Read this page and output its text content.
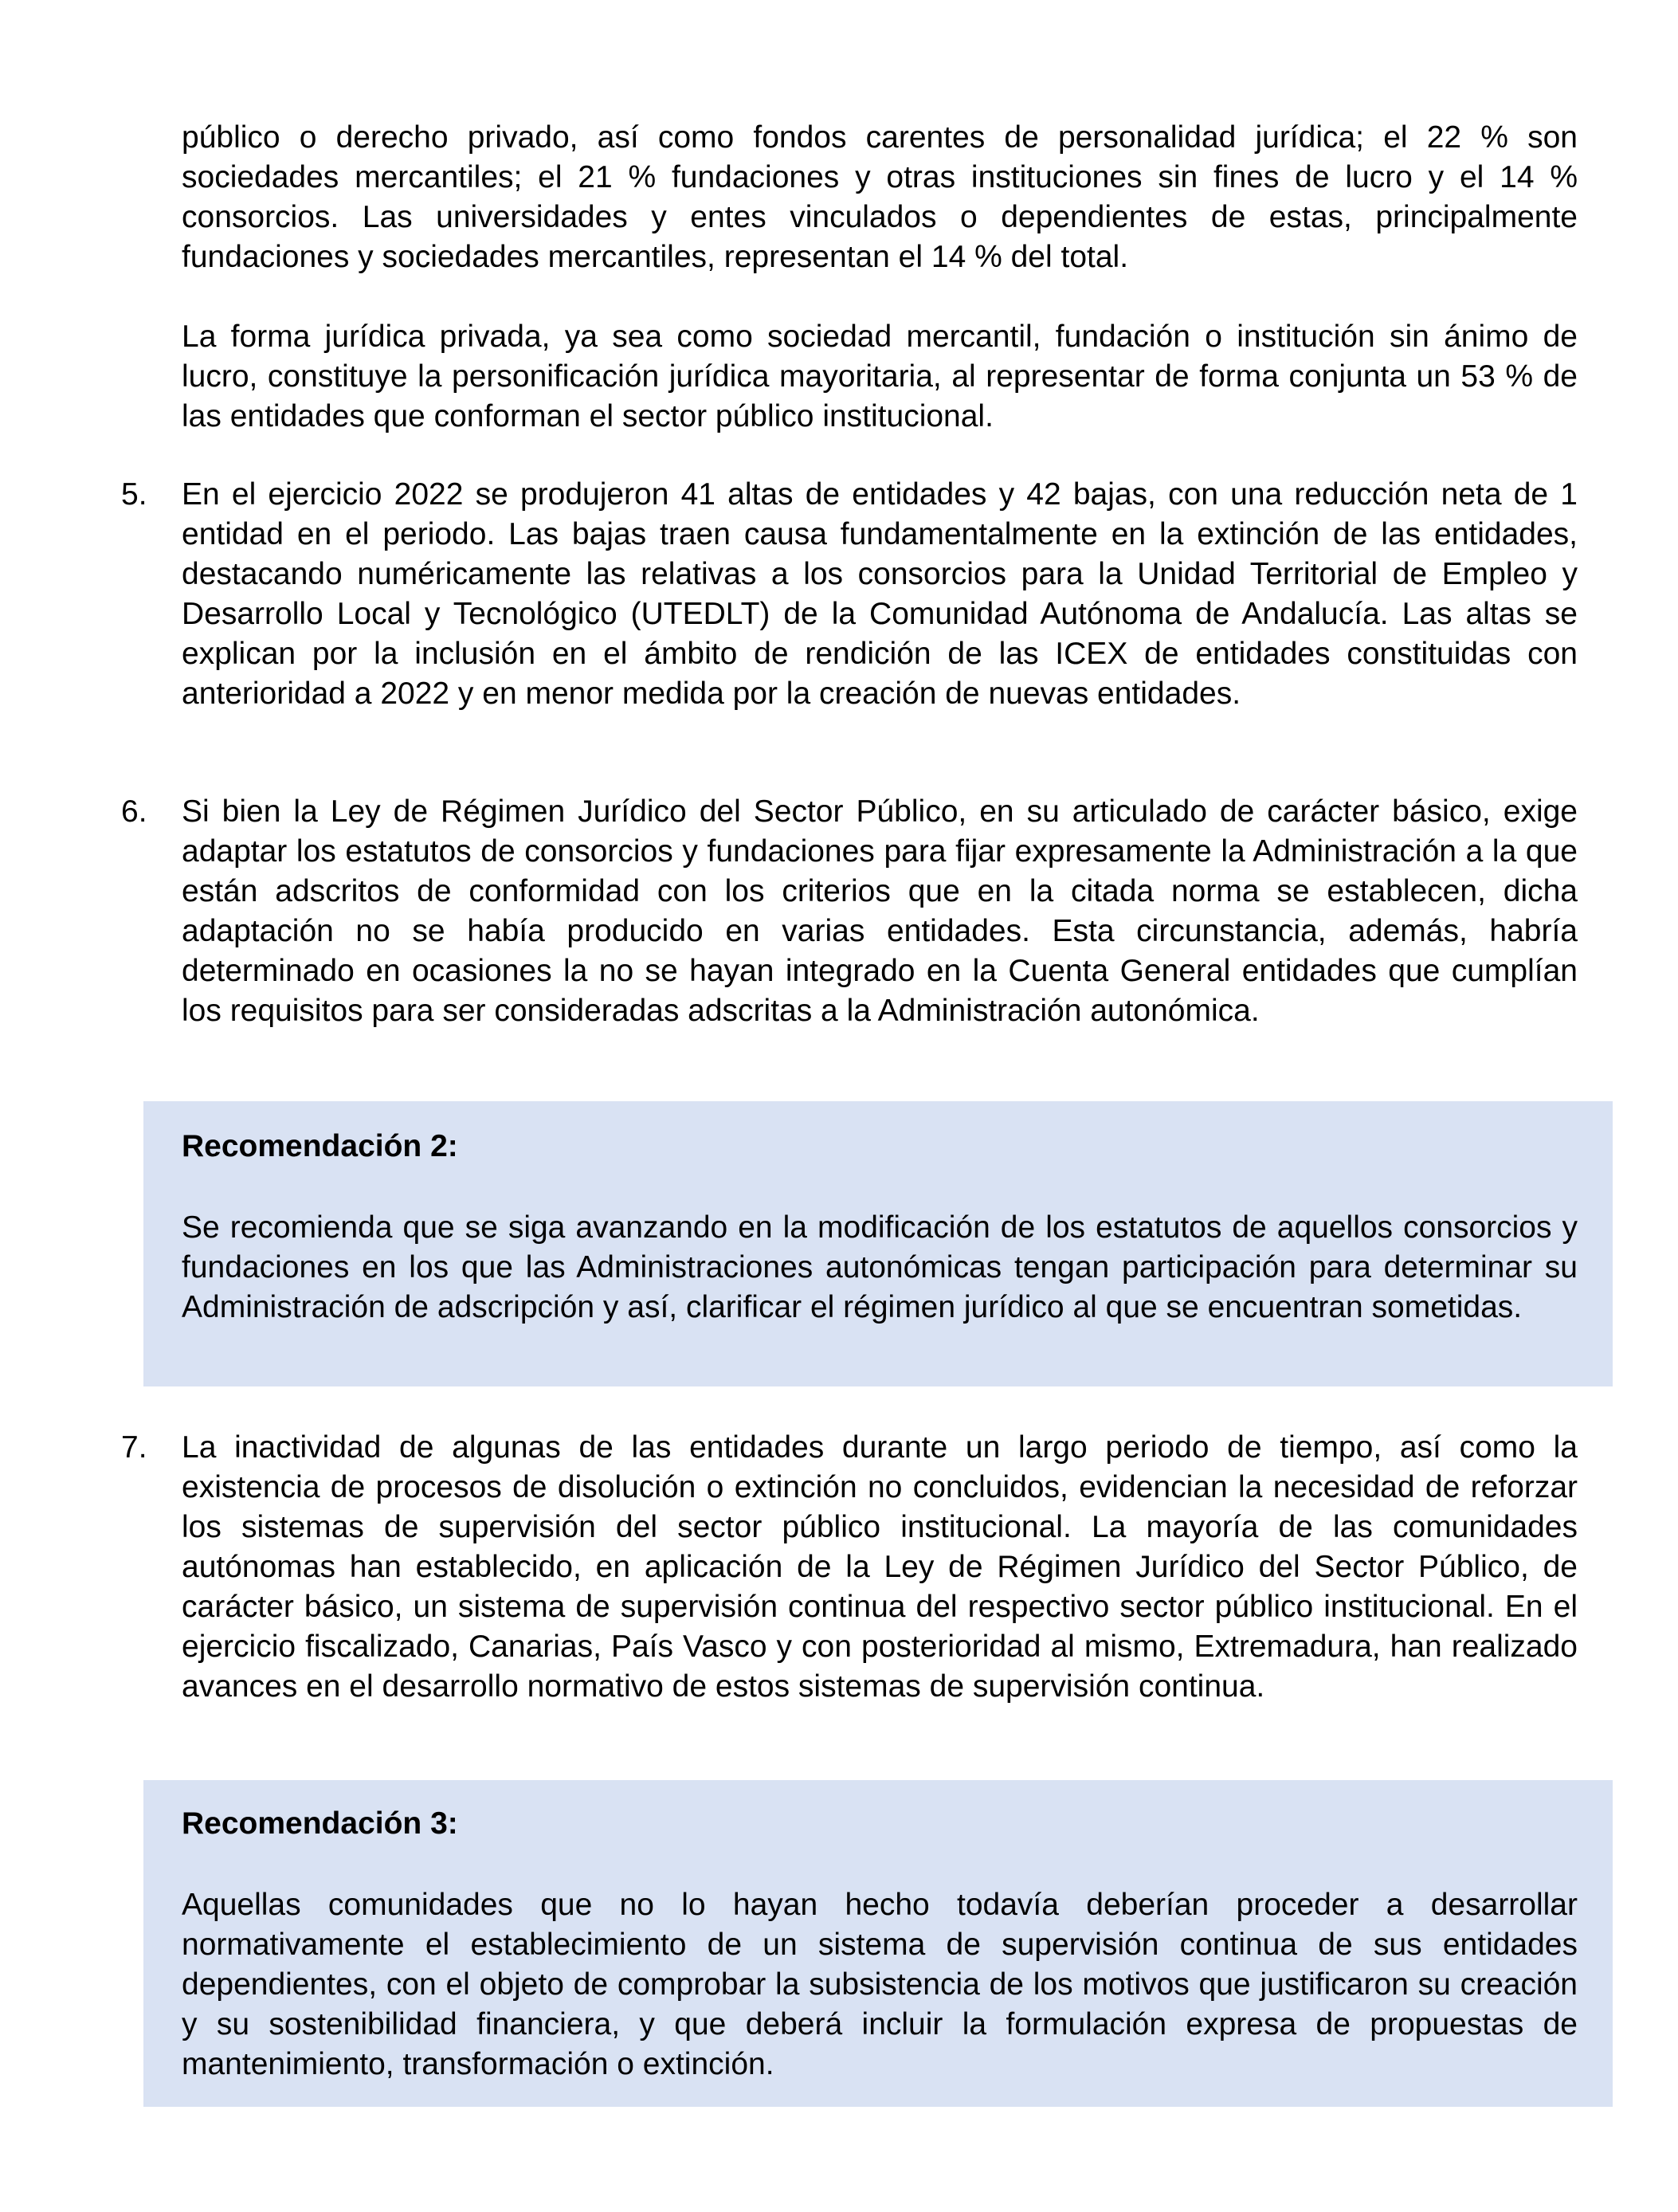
público o derecho privado, así como fondos carentes de personalidad jurídica; el 22 % son sociedades mercantiles; el 21 % fundaciones y otras instituciones sin fines de lucro y el 14 % consorcios. Las universidades y entes vinculados o dependientes de estas, principalmente fundaciones y sociedades mercantiles, representan el 14 % del total.

La forma jurídica privada, ya sea como sociedad mercantil, fundación o institución sin ánimo de lucro, constituye la personificación jurídica mayoritaria, al representar de forma conjunta un 53 % de las entidades que conforman el sector público institucional.

5. En el ejercicio 2022 se produjeron 41 altas de entidades y 42 bajas, con una reducción neta de 1 entidad en el periodo. Las bajas traen causa fundamentalmente en la extinción de las entidades, destacando numéricamente las relativas a los consorcios para la Unidad Territorial de Empleo y Desarrollo Local y Tecnológico (UTEDLT) de la Comunidad Autónoma de Andalucía. Las altas se explican por la inclusión en el ámbito de rendición de las ICEX de entidades constituidas con anterioridad a 2022 y en menor medida por la creación de nuevas entidades.

6. Si bien la Ley de Régimen Jurídico del Sector Público, en su articulado de carácter básico, exige adaptar los estatutos de consorcios y fundaciones para fijar expresamente la Administración a la que están adscritos de conformidad con los criterios que en la citada norma se establecen, dicha adaptación no se había producido en varias entidades. Esta circunstancia, además, habría determinado en ocasiones la no se hayan integrado en la Cuenta General entidades que cumplían los requisitos para ser consideradas adscritas a la Administración autonómica.

Recomendación 2:

Se recomienda que se siga avanzando en la modificación de los estatutos de aquellos consorcios y fundaciones en los que las Administraciones autonómicas tengan participación para determinar su Administración de adscripción y así, clarificar el régimen jurídico al que se encuentran sometidas.

7. La inactividad de algunas de las entidades durante un largo periodo de tiempo, así como la existencia de procesos de disolución o extinción no concluidos, evidencian la necesidad de reforzar los sistemas de supervisión del sector público institucional. La mayoría de las comunidades autónomas han establecido, en aplicación de la Ley de Régimen Jurídico del Sector Público, de carácter básico, un sistema de supervisión continua del respectivo sector público institucional. En el ejercicio fiscalizado, Canarias, País Vasco y con posterioridad al mismo, Extremadura, han realizado avances en el desarrollo normativo de estos sistemas de supervisión continua.

Recomendación 3:

Aquellas comunidades que no lo hayan hecho todavía deberían proceder a desarrollar normativamente el establecimiento de un sistema de supervisión continua de sus entidades dependientes, con el objeto de comprobar la subsistencia de los motivos que justificaron su creación y su sostenibilidad financiera, y que deberá incluir la formulación expresa de propuestas de mantenimiento, transformación o extinción.
